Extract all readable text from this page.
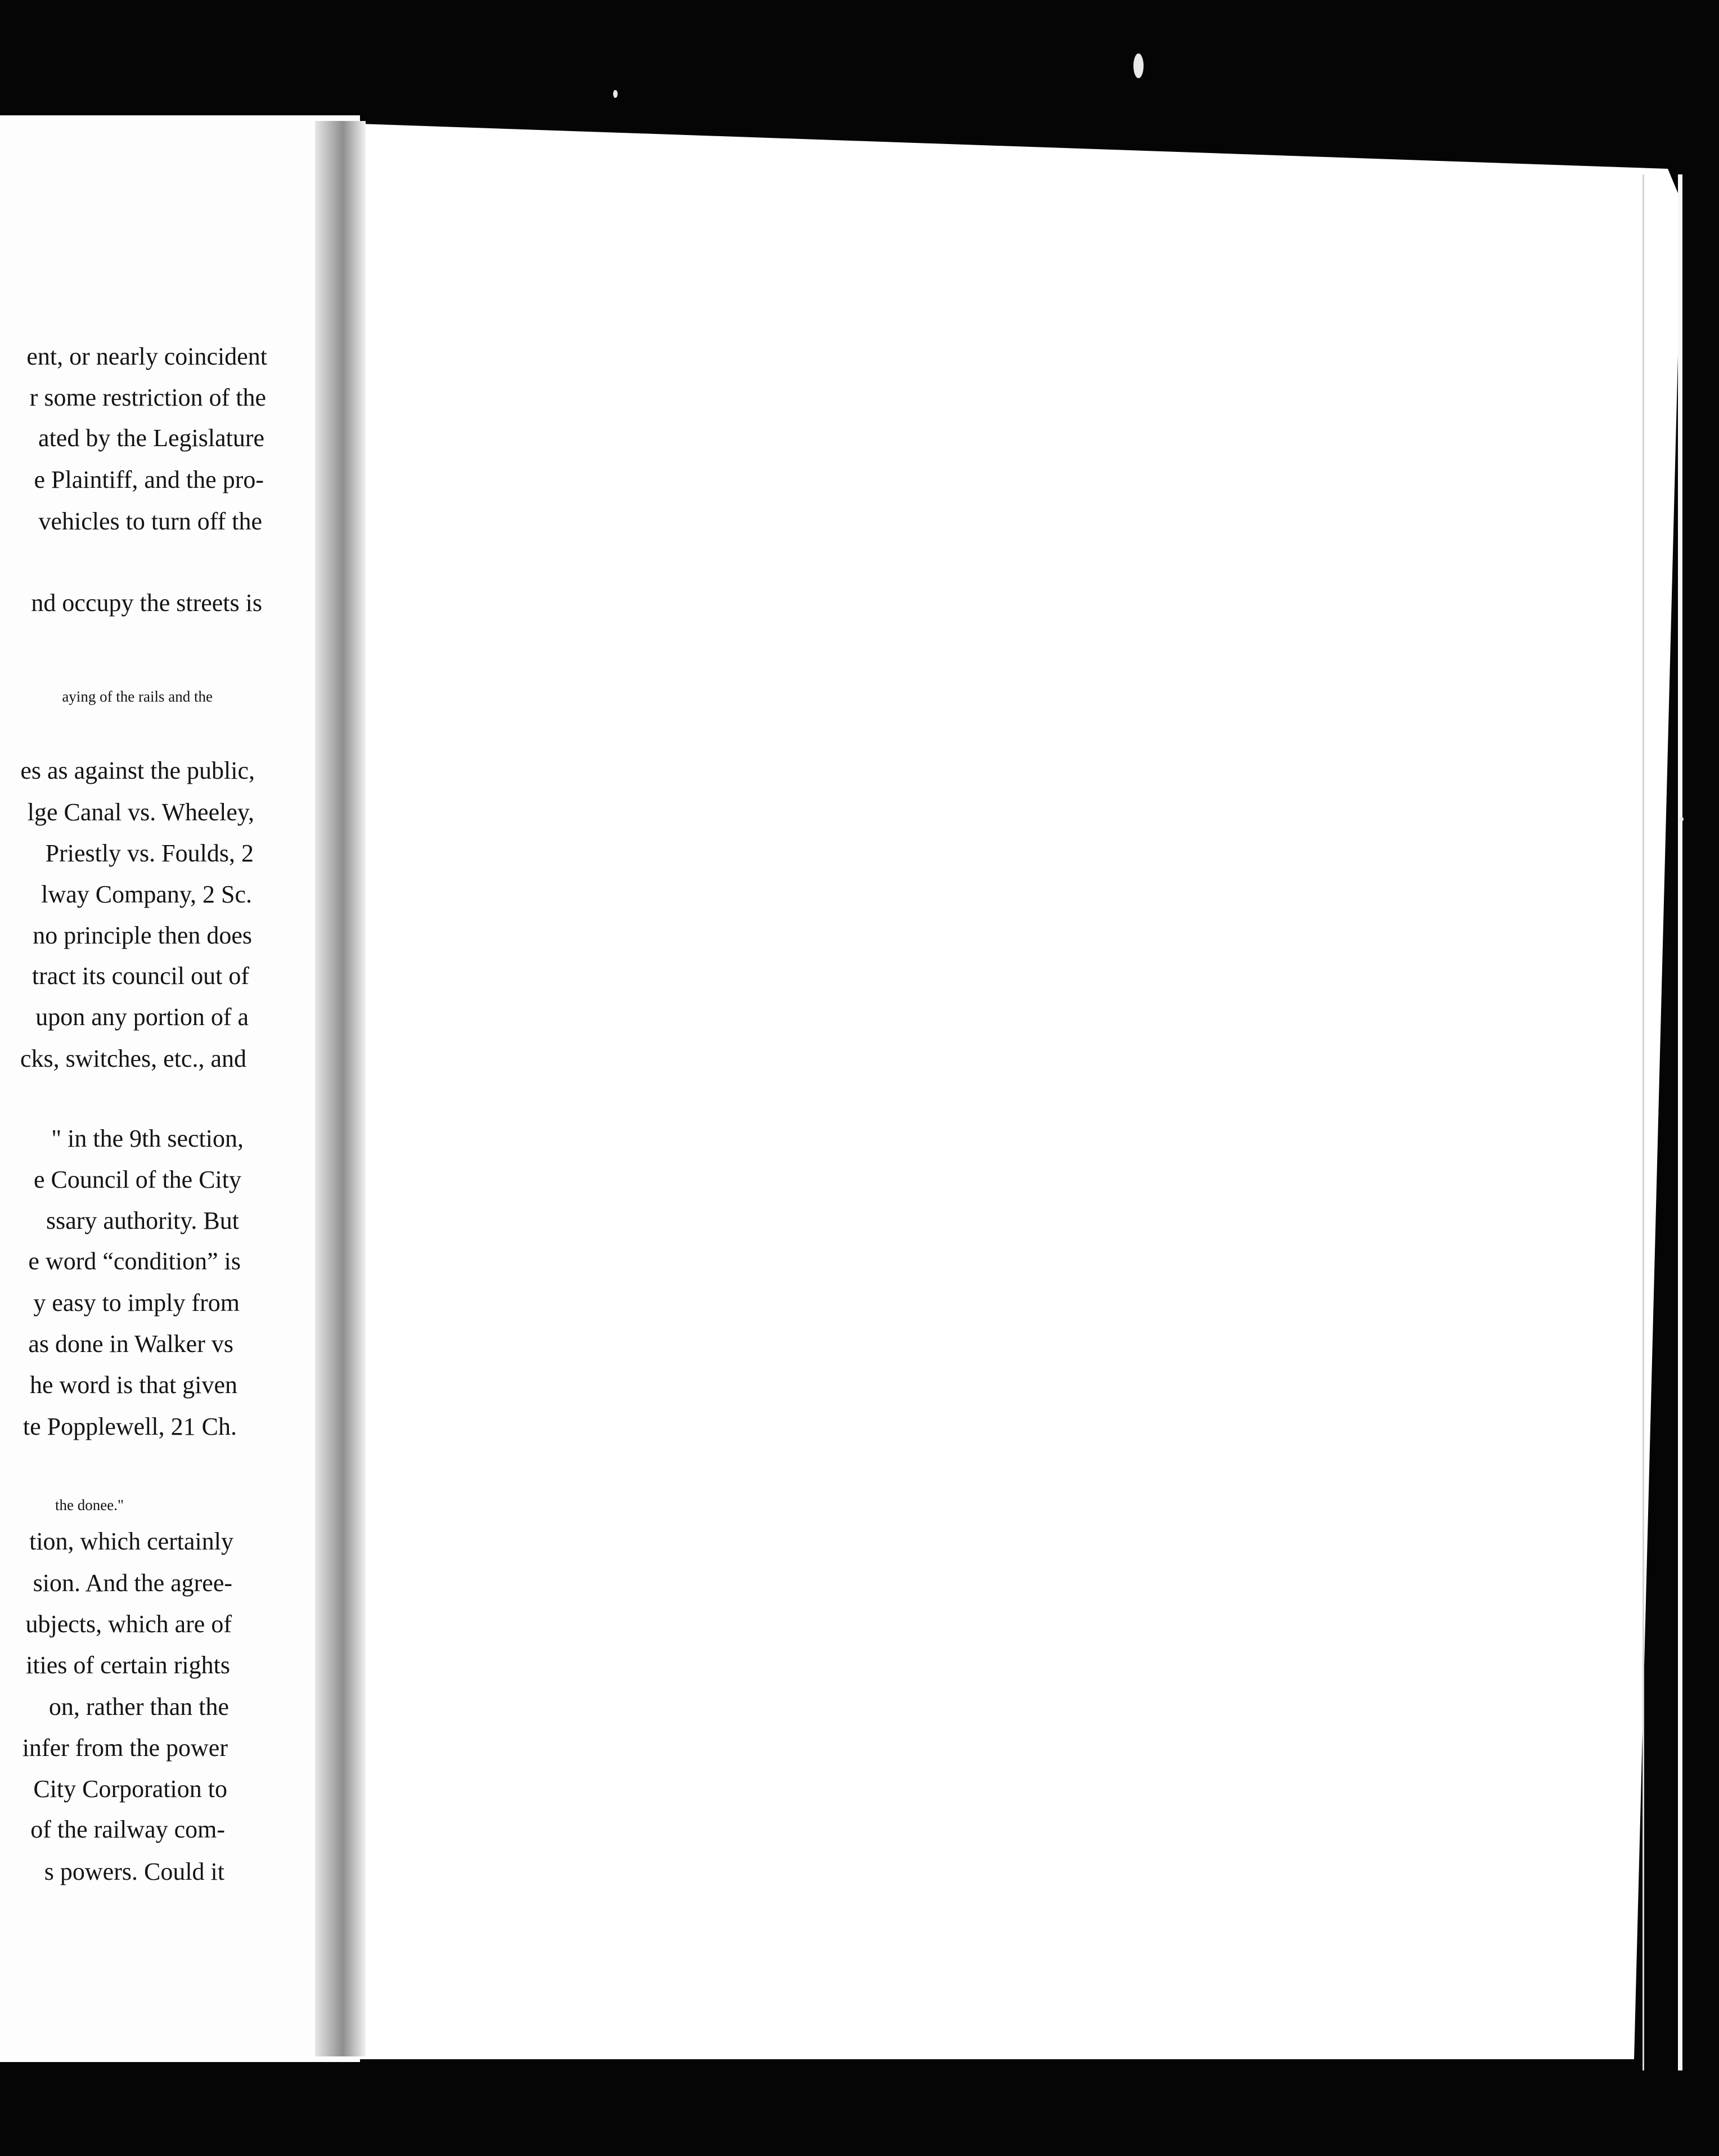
ent, or nearly coincident
r some restriction of the
ated by the Legislature
e Plaintiff, and the pro-
vehicles to turn off the
nd occupy the streets is
aying of the rails and the
es as against the public,
lge Canal vs. Wheeley,
Priestly vs. Foulds, 2
lway Company, 2 Sc.
no principle then does
tract its council out of
upon any portion of a
cks, switches, etc., and
" in the 9th section,
e Council of the City
ssary authority. But
e word “condition” is
y easy to imply from
as done in Walker vs
he word is that given
te Popplewell, 21 Ch.
the donee."
tion, which certainly
sion. And the agree-
ubjects, which are of
ities of certain rights
on, rather than the
infer from the power
City Corporation to
of the railway com-
s powers. Could it
